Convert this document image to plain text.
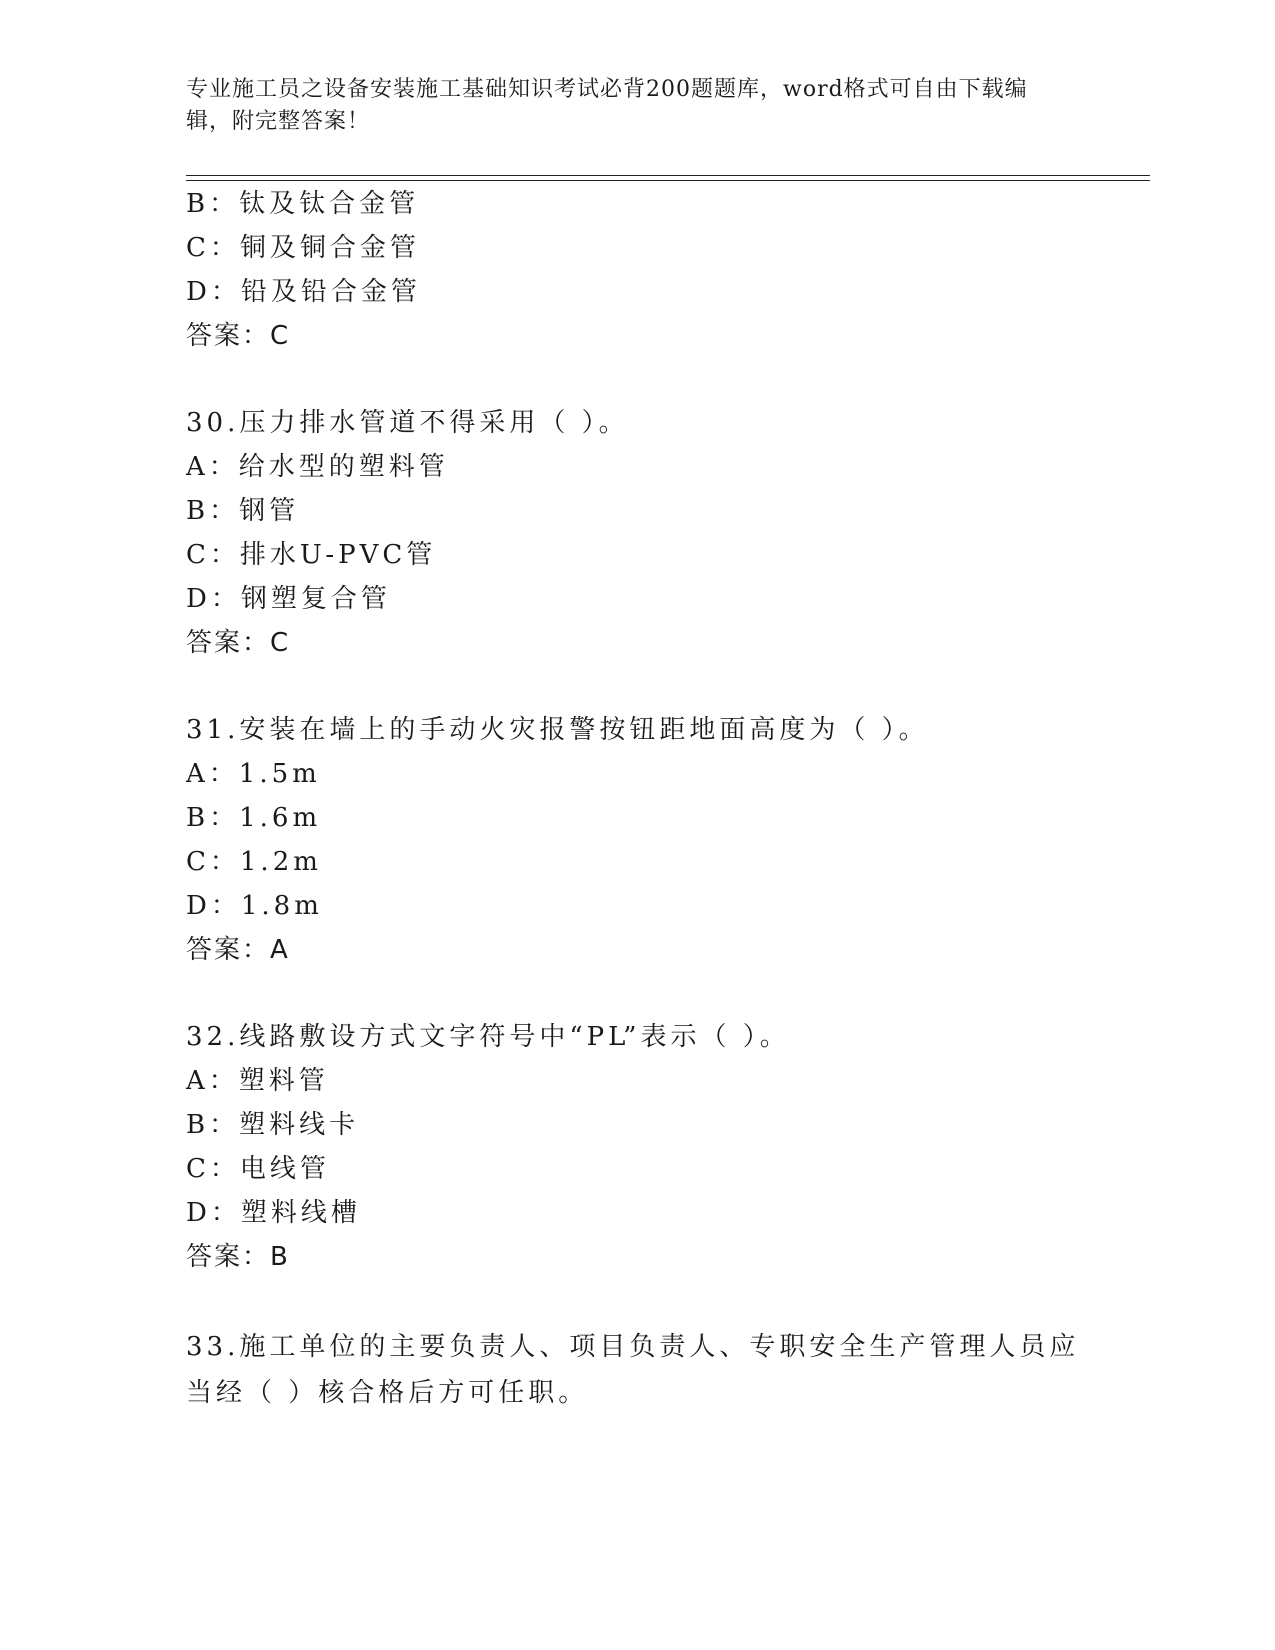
专业施工员之设备安装施工基础知识考试必背200题题库，word格式可自由下载编辑，附完整答案！
B：钛及钛合金管
C：铜及铜合金管
D：铅及铅合金管
答案：C
30.压力排水管道不得采用（ ）。
A：给水型的塑料管
B：钢管
C：排水U-PVC管
D：钢塑复合管
答案：C
31.安装在墙上的手动火灾报警按钮距地面高度为（ ）。
A：1.5m
B：1.6m
C：1.2m
D：1.8m
答案：A
32.线路敷设方式文字符号中“PL”表示（ ）。
A：塑料管
B：塑料线卡
C：电线管
D：塑料线槽
答案：B
33.施工单位的主要负责人、项目负责人、专职安全生产管理人员应当经（ ）核合格后方可任职。
